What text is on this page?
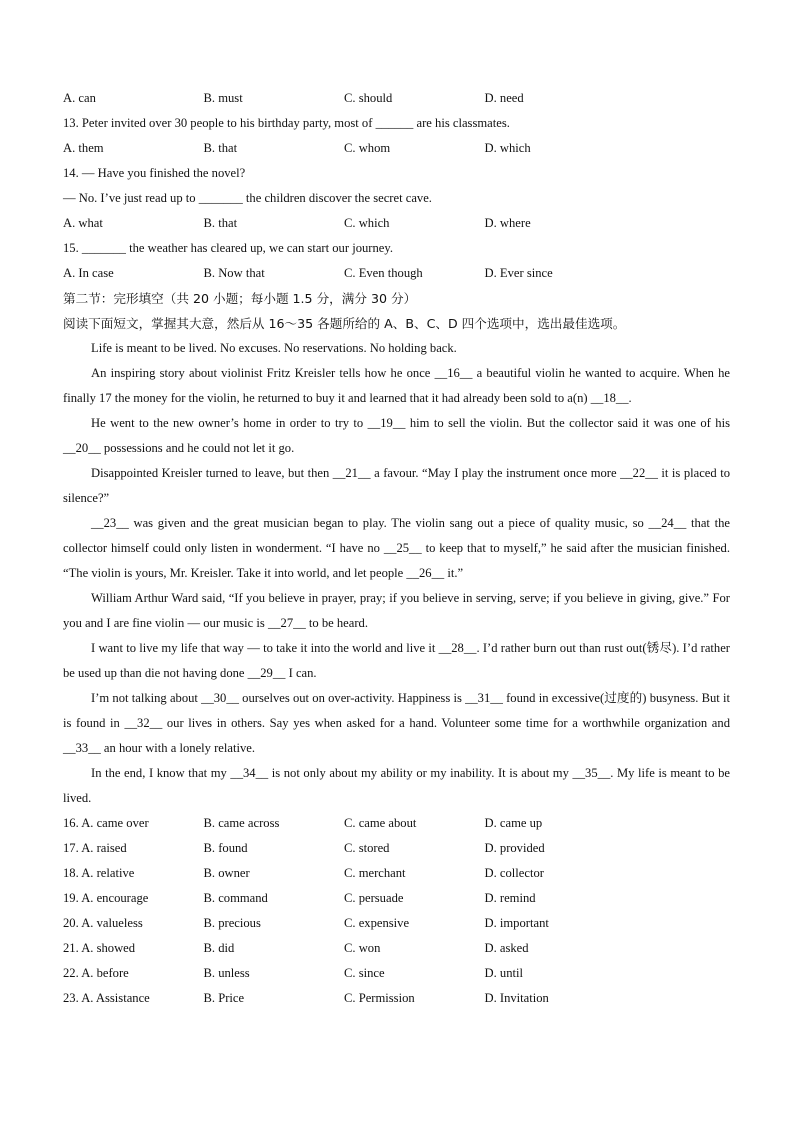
A. can	B. must	C. should	D. need
13. Peter invited over 30 people to his birthday party, most of ______ are his classmates.
A. them	B. that	C. whom	D. which
14. — Have you finished the novel?
— No. I’ve just read up to _______ the children discover the secret cave.
A. what	B. that	C. which	D. where
15. _______ the weather has cleared up, we can start our journey.
A. In case	B. Now that	C. Even though	D. Ever since
第二节：完形填空（共 20 小题；每小题 1.5 分，满分 30 分）
阅读下面短文，掌握其大意，然后从 16～35 各题所给的 A、B、C、D 四个选项中，选出最佳选项。

Life is meant to be lived. No excuses. No reservations. No holding back.

An inspiring story about violinist Fritz Kreisler tells how he once __16__ a beautiful violin he wanted to acquire. When he finally 17 the money for the violin, he returned to buy it and learned that it had already been sold to a(n) __18__.

He went to the new owner’s home in order to try to __19__ him to sell the violin. But the collector said it was one of his __20__ possessions and he could not let it go.

Disappointed Kreisler turned to leave, but then __21__ a favour. “May I play the instrument once more __22__ it is placed to silence?”

__23__ was given and the great musician began to play. The violin sang out a piece of quality music, so __24__ that the collector himself could only listen in wonderment. “I have no __25__ to keep that to myself,” he said after the musician finished. “The violin is yours, Mr. Kreisler. Take it into world, and let people __26__ it.”

William Arthur Ward said, “If you believe in prayer, pray; if you believe in serving, serve; if you believe in giving, give.” For you and I are fine violin — our music is __27__ to be heard.

I want to live my life that way — to take it into the world and live it __28__. I’d rather burn out than rust out(锈尽). I’d rather be used up than die not having done __29__ I can.

I’m not talking about __30__ ourselves out on over-activity. Happiness is __31__ found in excessive(过度的) busyness. But it is found in __32__ our lives in others. Say yes when asked for a hand. Volunteer some time for a worthwhile organization and __33__ an hour with a lonely relative.

In the end, I know that my __34__ is not only about my ability or my inability. It is about my __35__. My life is meant to be lived.

16. A. came over	B. came across	C. came about	D. came up
17. A. raised	B. found	C. stored	D. provided
18. A. relative	B. owner	C. merchant	D. collector
19. A. encourage	B. command	C. persuade	D. remind
20. A. valueless	B. precious	C. expensive	D. important
21. A. showed	B. did	C. won	D. asked
22. A. before	B. unless	C. since	D. until
23. A. Assistance	B. Price	C. Permission	D. Invitation
